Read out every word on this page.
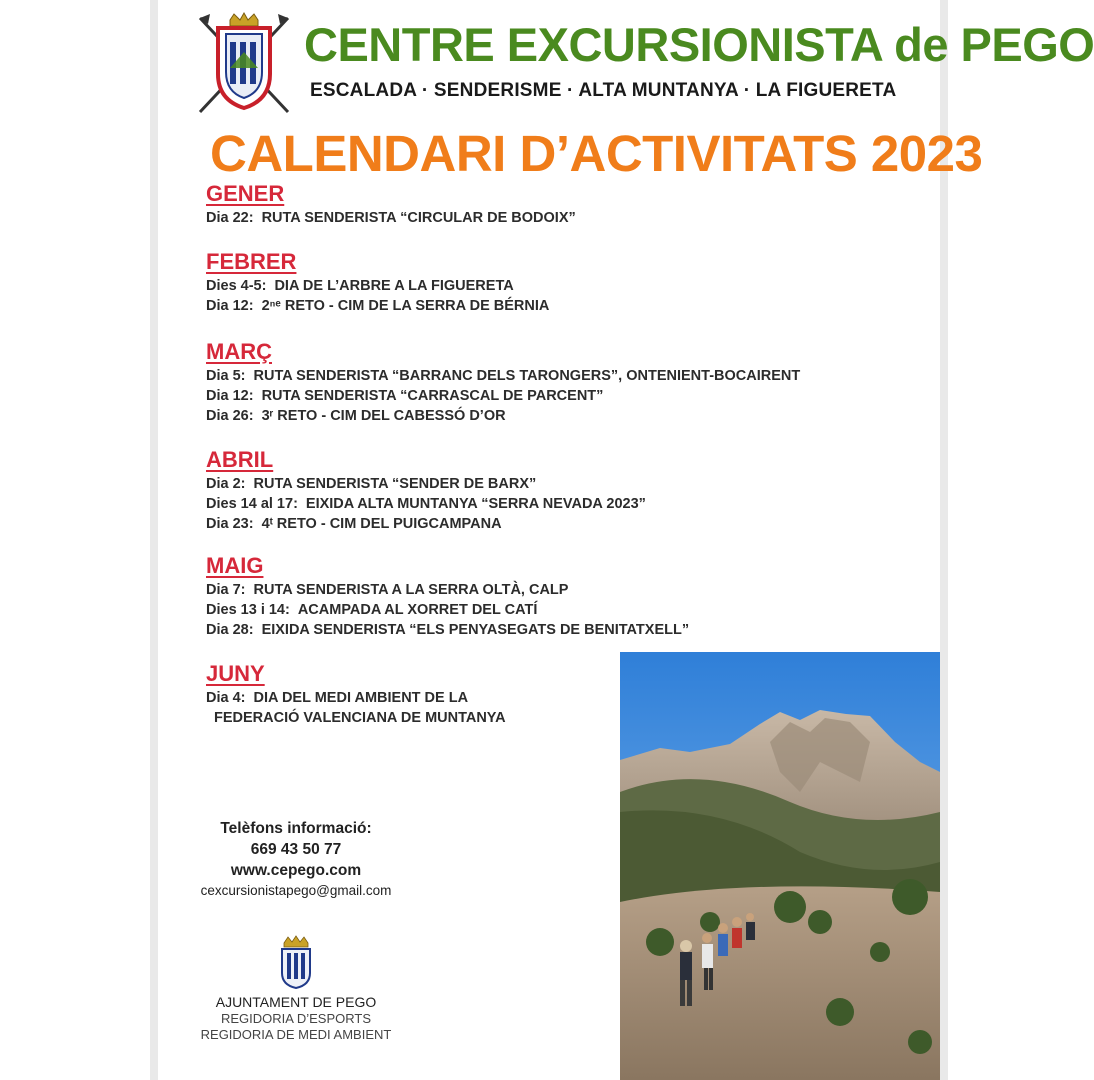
CENTRE EXCURSIONISTA de PEGO
ESCALADA · SENDERISME · ALTA MUNTANYA · LA FIGUERETA
CALENDARI D’ACTIVITATS 2023
GENER
Dia 22: RUTA SENDERISTA “CIRCULAR DE BODOIX”
FEBRER
Dies 4-5: DIA DE L’ARBRE A LA FIGUERETA
Dia 12: 2ⁿᵉ RETO - CIM DE LA SERRA DE BÉRNIA
MARÇ
Dia 5: RUTA SENDERISTA “BARRANC DELS TARONGERS”, ONTENIENT-BOCAIRENT
Dia 12: RUTA SENDERISTA “CARRASCAL DE PARCENT”
Dia 26: 3ʳ RETO - CIM DEL CABESSÓ D’OR
ABRIL
Dia 2: RUTA SENDERISTA “SENDER DE BARX”
Dies 14 al 17: EIXIDA ALTA MUNTANYA “SERRA NEVADA 2023”
Dia 23: 4ᵗ RETO - CIM DEL PUIGCAMPANA
MAIG
Dia 7: RUTA SENDERISTA A LA SERRA OLTÀ, CALP
Dies 13 i 14: ACAMPADA AL XORRET DEL CATÍ
Dia 28: EIXIDA SENDERISTA “ELS PENYASEGATS DE BENITATXELL”
JUNY
Dia 4: DIA DEL MEDI AMBIENT DE LA
FEDERACIÓ VALENCIANA DE MUNTANYA
Telèfons informació:
669 43 50 77
www.cepego.com
cexcursionistapego@gmail.com
AJUNTAMENT DE PEGO
REGIDORIA D’ESPORTS
REGIDORIA DE MEDI AMBIENT
